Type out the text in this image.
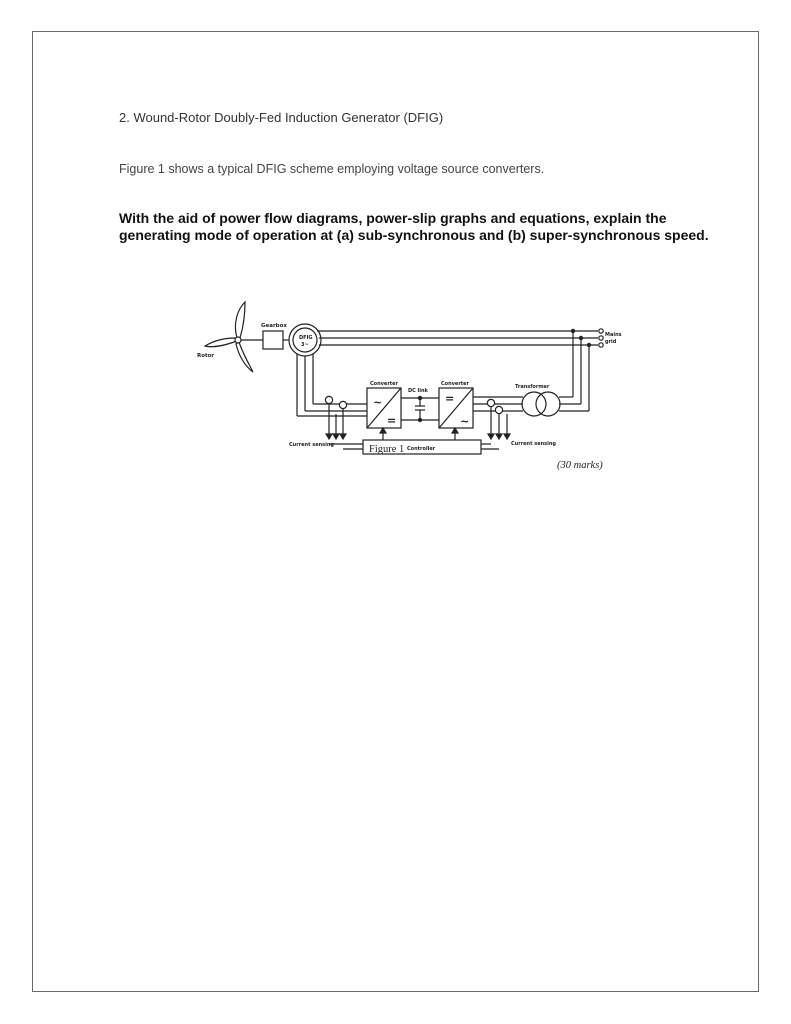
2. Wound-Rotor Doubly-Fed Induction Generator (DFIG)
Figure 1 shows a typical DFIG scheme employing voltage source converters.
With the aid of power flow diagrams, power-slip graphs and equations, explain the generating mode of operation at (a) sub-synchronous and (b) super-synchronous speed.
Gearbox
Rotor
DFIG
3~
Converter
DC link
Converter	Transformer
Mains
grid
Current sensing	Current sensing
Controller
~
=
=
~
Figure 1
(30 marks)
